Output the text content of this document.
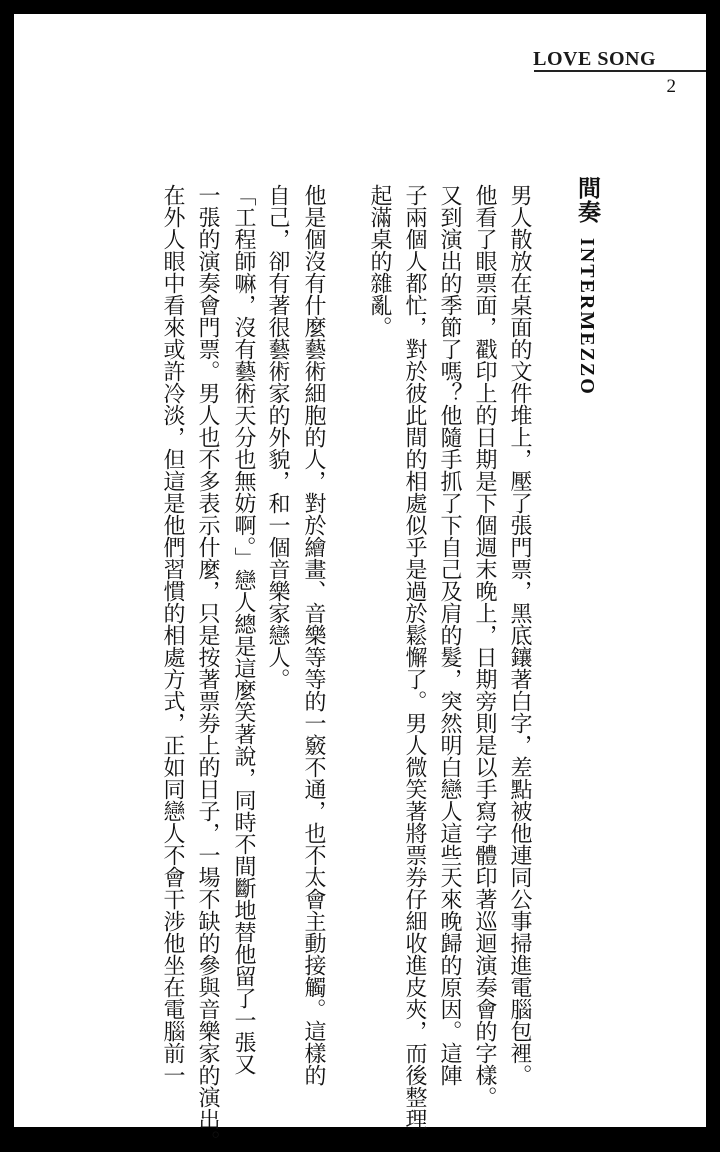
LOVE SONG
2
間奏INTERMEZZO
男人散放在桌面的文件堆上，壓了張門票，黑底鑲著白字，差點被他連同公事掃進電腦包裡。
他看了眼票面，戳印上的日期是下個週末晚上，日期旁則是以手寫字體印著巡迴演奏會的字樣。
又到演出的季節了嗎？他隨手抓了下自己及肩的髮，突然明白戀人這些天來晚歸的原因。這陣
子兩個人都忙，對於彼此間的相處似乎是過於鬆懈了。男人微笑著將票券仔細收進皮夾，而後整理
起滿桌的雜亂。
他是個沒有什麼藝術細胞的人，對於繪畫、音樂等等的一竅不通，也不太會主動接觸。這樣的
自己，卻有著很藝術家的外貌，和一個音樂家戀人。
「工程師嘛，沒有藝術天分也無妨啊。」戀人總是這麼笑著說，同時不間斷地替他留了一張又
一張的演奏會門票。男人也不多表示什麼，只是按著票券上的日子，一場不缺的參與音樂家的演出。
在外人眼中看來或許冷淡，但這是他們習慣的相處方式，正如同戀人不會干涉他坐在電腦前一
